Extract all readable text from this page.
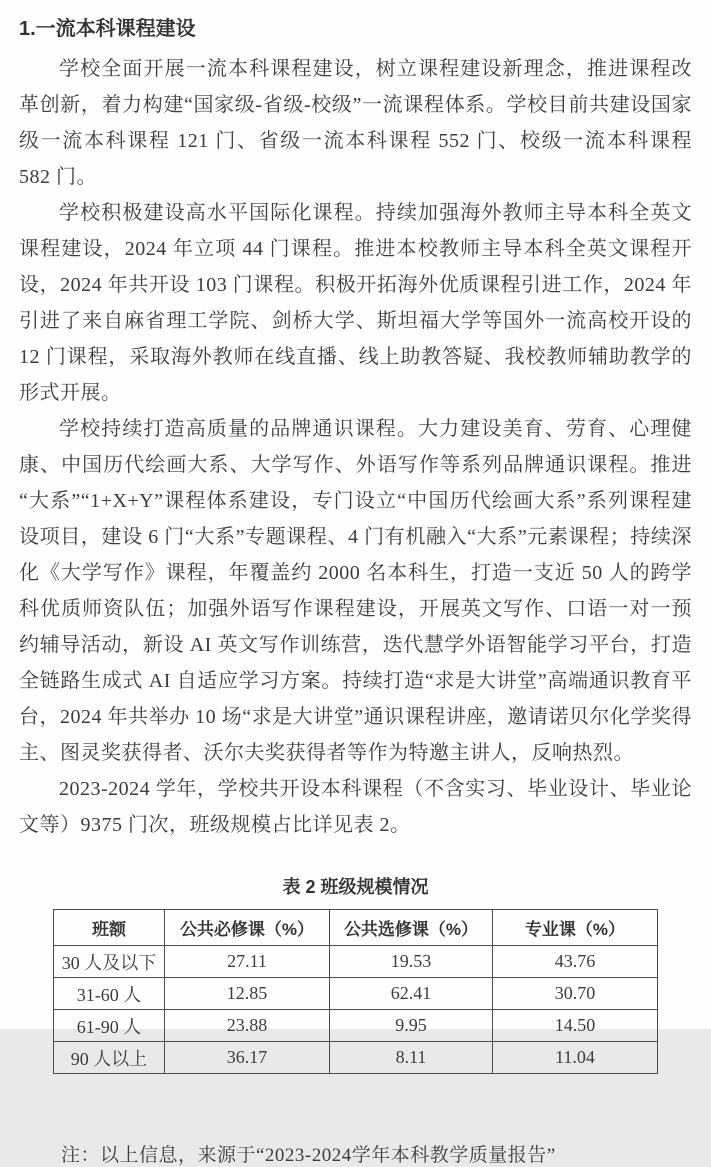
1.一流本科课程建设

学校全面开展一流本科课程建设，树立课程建设新理念，推进课程改革创新，着力构建“国家级-省级-校级”一流课程体系。学校目前共建设国家级一流本科课程 121 门、省级一流本科课程 552 门、校级一流本科课程 582 门。

学校积极建设高水平国际化课程。持续加强海外教师主导本科全英文课程建设，2024 年立项 44 门课程。推进本校教师主导本科全英文课程开设，2024 年共开设 103 门课程。积极开拓海外优质课程引进工作，2024 年引进了来自麻省理工学院、剑桥大学、斯坦福大学等国外一流高校开设的 12 门课程，采取海外教师在线直播、线上助教答疑、我校教师辅助教学的形式开展。

学校持续打造高质量的品牌通识课程。大力建设美育、劳育、心理健康、中国历代绘画大系、大学写作、外语写作等系列品牌通识课程。推进“大系”“1+X+Y”课程体系建设，专门设立“中国历代绘画大系”系列课程建设项目，建设 6 门“大系”专题课程、4 门有机融入“大系”元素课程；持续深化《大学写作》课程，年覆盖约 2000 名本科生，打造一支近 50 人的跨学科优质师资队伍；加强外语写作课程建设，开展英文写作、口语一对一预约辅导活动，新设 AI 英文写作训练营，迭代慧学外语智能学习平台，打造全链路生成式 AI 自适应学习方案。持续打造“求是大讲堂”高端通识教育平台，2024 年共举办 10 场“求是大讲堂”通识课程讲座，邀请诺贝尔化学奖得主、图灵奖获得者、沃尔夫奖获得者等作为特邀主讲人，反响热烈。

2023-2024 学年，学校共开设本科课程（不含实习、毕业设计、毕业论文等）9375 门次，班级规模占比详见表 2。

表 2 班级规模情况
班额	公共必修课（%）	公共选修课（%）	专业课（%）
30 人及以下	27.11	19.53	43.76
31-60 人	12.85	62.41	30.70
61-90 人	23.88	9.95	14.50
90 人以上	36.17	8.11	11.04
注：以上信息，来源于“2023-2024学年本科教学质量报告”
